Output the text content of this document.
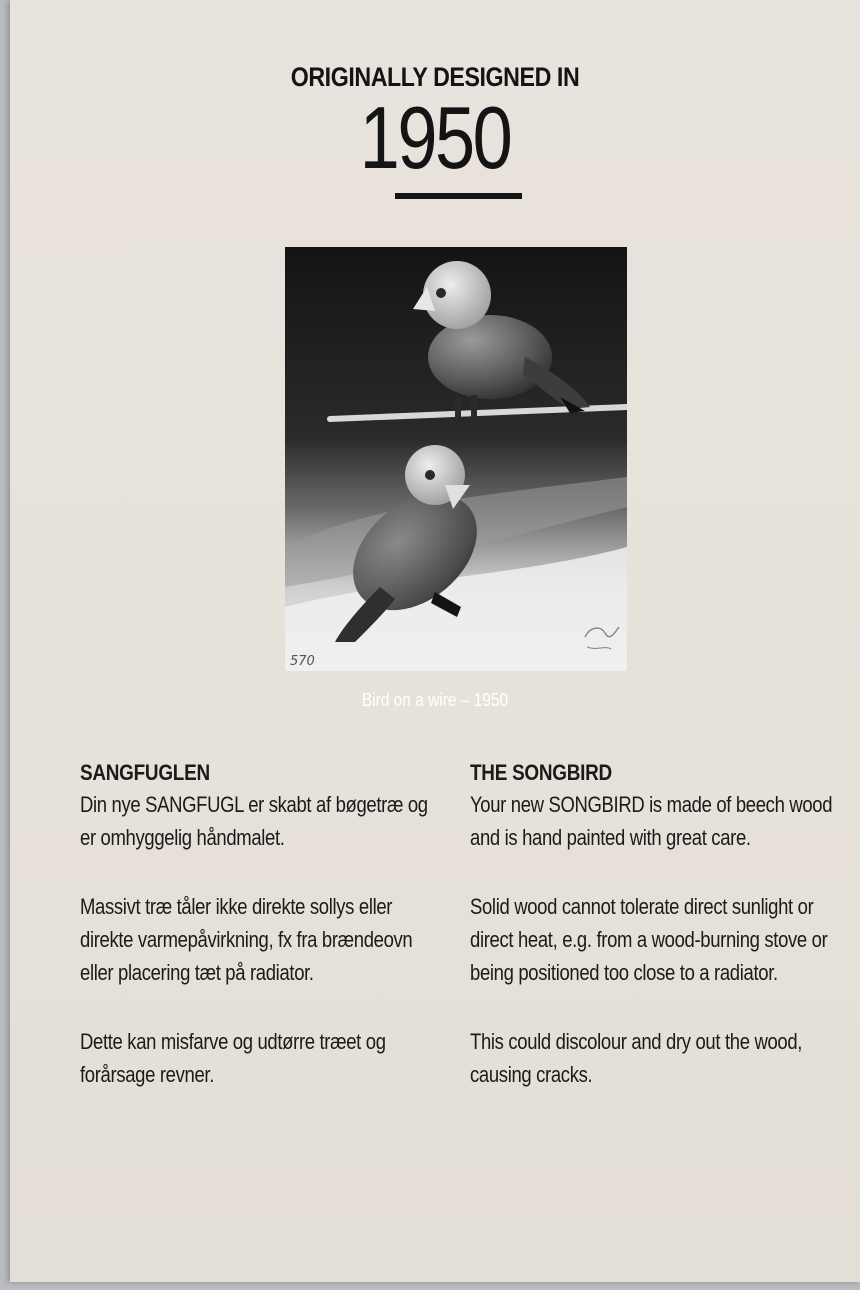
ORIGINALLY DESIGNED IN
1950
570
Bird on a wire – 1950
SANGFUGLEN

Din nye SANGFUGL er skabt af bøgetræ og
er omhyggelig håndmalet.

Massivt træ tåler ikke direkte sollys eller
direkte varmepåvirkning, fx fra brændeovn
eller placering tæt på radiator.

Dette kan misfarve og udtørre træet og
forårsage revner.

THE SONGBIRD

Your new SONGBIRD is made of beech wood
and is hand painted with great care.

Solid wood cannot tolerate direct sunlight or
direct heat, e.g. from a wood-burning stove or
being positioned too close to a radiator.

This could discolour and dry out the wood,
causing cracks.
